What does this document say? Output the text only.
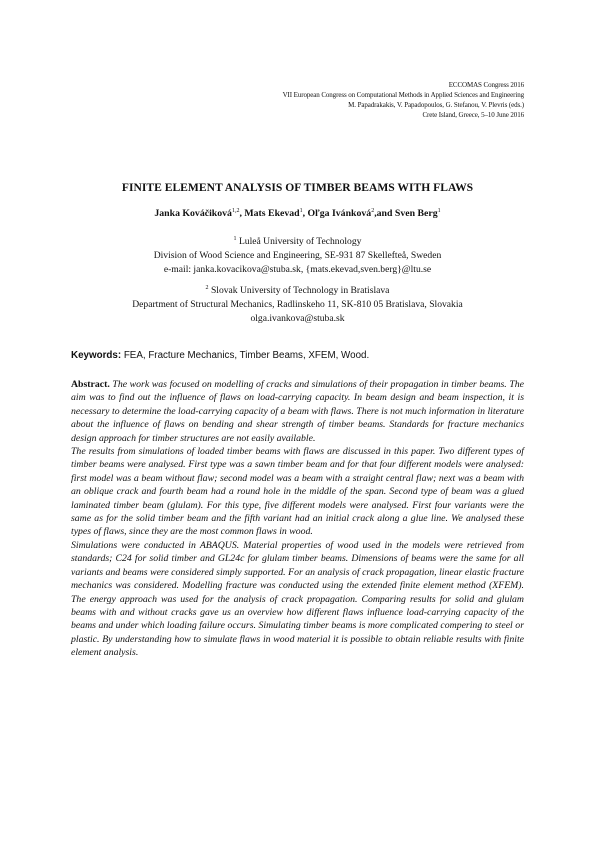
ECCOMAS Congress 2016
VII European Congress on Computational Methods in Applied Sciences and Engineering
M. Papadrakakis, V. Papadopoulos, G. Stefanou, V. Plevris (eds.)
Crete Island, Greece, 5–10 June 2016
FINITE ELEMENT ANALYSIS OF TIMBER BEAMS WITH FLAWS
Janka Kováčiková$^{1,2}$, Mats Ekevad$^1$, Oľga Ivánková$^2$,and Sven Berg$^1$
$^1$ Luleå University of Technology
Division of Wood Science and Engineering, SE-931 87 Skellefteå, Sweden
e-mail: janka.kovacikova@stuba.sk, {mats.ekevad,sven.berg}@ltu.se
$^2$ Slovak University of Technology in Bratislava
Department of Structural Mechanics, Radlinskeho 11, SK-810 05 Bratislava, Slovakia
olga.ivankova@stuba.sk
Keywords: FEA, Fracture Mechanics, Timber Beams, XFEM, Wood.

Abstract. The work was focused on modelling of cracks and simulations of their propagation in timber beams. The aim was to find out the influence of flaws on load-carrying capacity. In beam design and beam inspection, it is necessary to determine the load-carrying capacity of a beam with flaws. There is not much information in literature about the influence of flaws on bending and shear strength of timber beams. Standards for fracture mechanics design approach for timber structures are not easily available.

The results from simulations of loaded timber beams with flaws are discussed in this paper. Two different types of timber beams were analysed. First type was a sawn timber beam and for that four different models were analysed: first model was a beam without flaw; second model was a beam with a straight central flaw; next was a beam with an oblique crack and fourth beam had a round hole in the middle of the span. Second type of beam was a glued laminated timber beam (glulam). For this type, five different models were analysed. First four variants were the same as for the solid timber beam and the fifth variant had an initial crack along a glue line. We analysed these types of flaws, since they are the most common flaws in wood.

Simulations were conducted in ABAQUS. Material properties of wood used in the models were retrieved from standards; C24 for solid timber and GL24c for glulam timber beams. Dimensions of beams were the same for all variants and beams were considered simply supported. For an analysis of crack propagation, linear elastic fracture mechanics was considered. Modelling fracture was conducted using the extended finite element method (XFEM). The energy approach was used for the analysis of crack propagation. Comparing results for solid and glulam beams with and without cracks gave us an overview how different flaws influence load-carrying capacity of the beams and under which loading failure occurs. Simulating timber beams is more complicated compering to steel or plastic. By understanding how to simulate flaws in wood material it is possible to obtain reliable results with finite element analysis.
